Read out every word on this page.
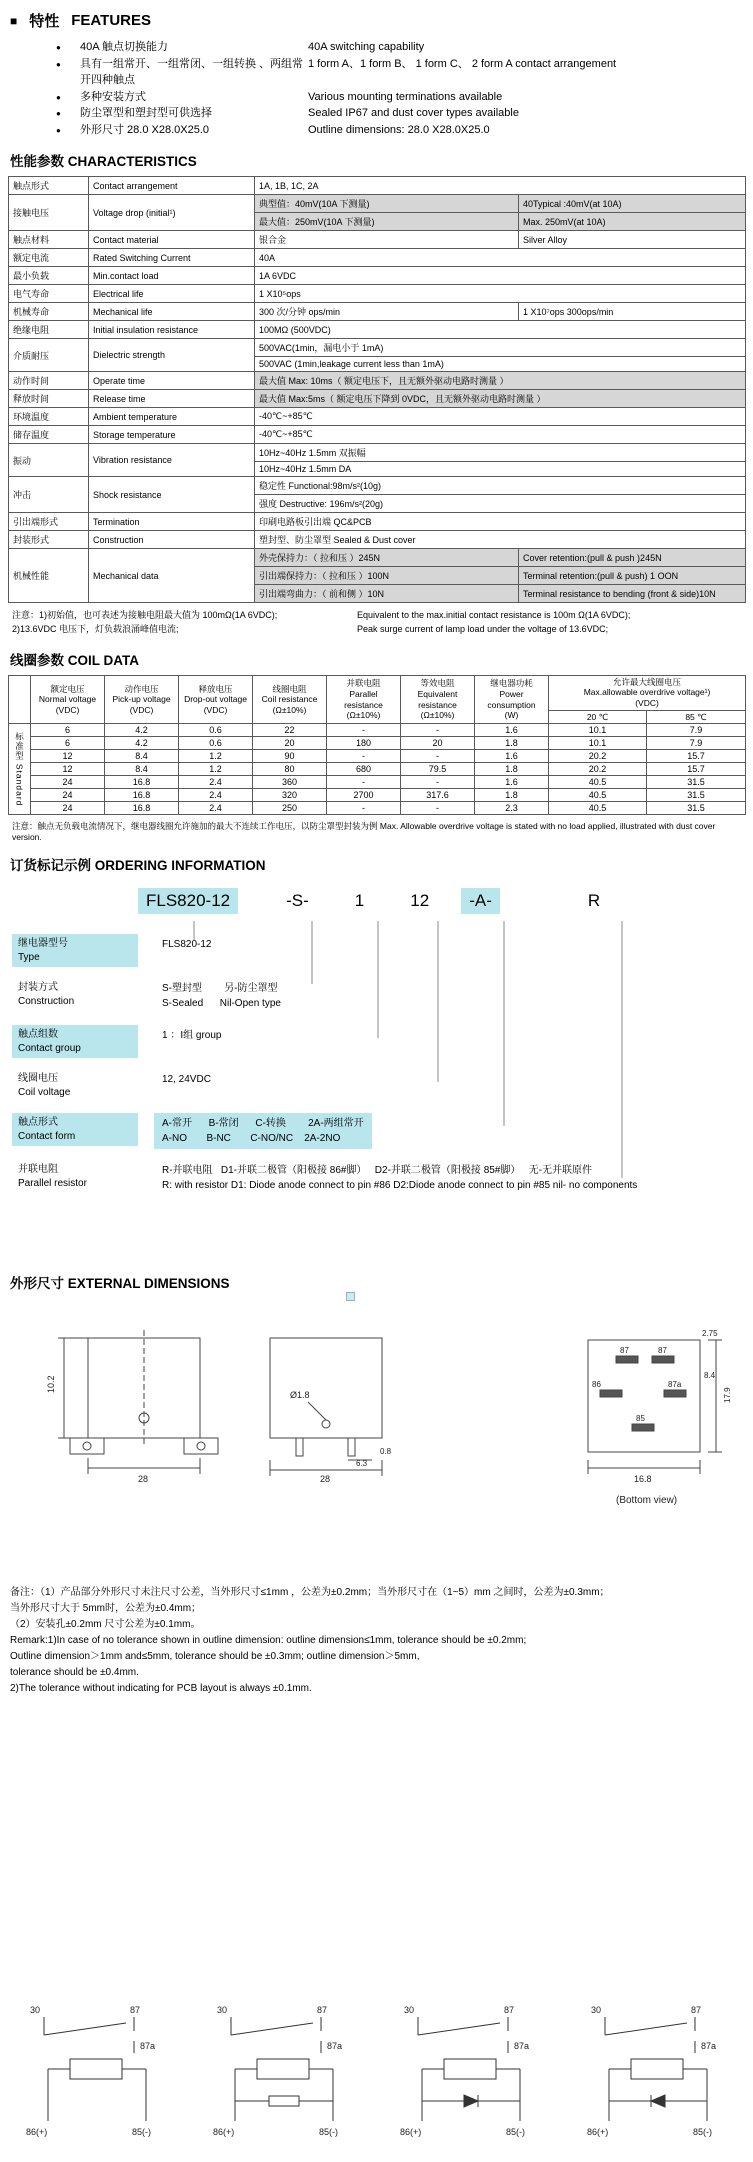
■ 特性 FEATURES
●	40A 触点切换能力	40A switching capability
●	具有一组常开、一组常闭、一组转换 、两组常开四种触点
1 form A、1 form B、 1 form C、 2 form A contact arrangement
●	多种安装方式	Various mounting terminations available
●	防尘罩型和塑封型可供选择	Sealed IP67 and dust cover types available
●	外形尺寸 28.0 X28.0X25.0	Outline dimensions: 28.0 X28.0X25.0
性能参数 CHARACTERISTICS
触点形式	Contact arrangement	1A, 1B, 1C, 2A	
接触电压	Voltage drop (initial¹)	典型值：40mV(10A 下测量)	40Typical :40mV(at 10A)
		最大值：250mV(10A 下测量)	Max. 250mV(at 10A)
触点材料	Contact material	银合金	Silver Alloy
额定电流	Rated Switching Current	40A	
最小负载	Min.contact load	1A 6VDC	
电气寿命	Electrical life	1 X10⁵ops	
机械寿命	Mechanical life	300 次/分钟 ops/min	1 X10⁷ops 300ops/min
绝缘电阻	Initial insulation resistance	100MΩ (500VDC)	
介质耐压	Dielectric strength	500VAC(1min，漏电小于 1mA)	
		500VAC (1min,leakage current less than 1mA)	
动作时间	Operate time	最大值 Max: 10ms（ 额定电压下，且无额外驱动电路时测量 ）	
释放时间	Release time	最大值 Max:5ms（ 额定电压下降到 0VDC，且无额外驱动电路时测量 ）	
环境温度	Ambient temperature	-40℃~+85℃	
储存温度	Storage temperature	-40℃~+85℃	
振动	Vibration resistance	10Hz~40Hz 1.5mm 双振幅	
		10Hz~40Hz 1.5mm DA	
冲击	Shock resistance	稳定性 Functional:98m/s²(10g)	
		强度 Destructive: 196m/s²(20g)	
引出端形式	Termination	印刷电路板引出端 QC&PCB	
封装形式	Construction	塑封型、防尘罩型 Sealed & Dust cover	
机械性能	Mechanical data	外壳保持力：（ 拉和压 ）245N	Cover retention:(pull & push )245N
		引出端保持力：（ 拉和压 ）100N	Terminal retention:(pull & push) 1 OON
		引出端弯曲力：（ 前和侧 ）10N	Terminal resistance to bending (front & side)10N
注意：1)初始值，也可表述为接触电阻最大值为 100mΩ(1A 6VDC);	Equivalent to the max.initial contact resistance is 100m Ω(1A 6VDC);
2)13.6VDC 电压下，灯负载浪涌峰值电流;	Peak surge current of lamp load under the voltage of 13.6VDC;
线圈参数 COIL DATA
	额定电压
Normal voltage
(VDC)	动作电压
Pick-up voltage
(VDC)	释放电压
Drop-out voltage
(VDC)	线圈电阻
Coil resistance
(Ω±10%)	并联电阻
Parallel resistance
(Ω±10%)	等效电阻
Equivalent resistance
(Ω±10%)	继电器功耗
Power consumption
(W)	允许最大线圈电压
Max.allowable overdrive voltage¹)
(VDC)	
								20 ℃	85 ℃
标准型 Standard	6	4.2	0.6	22	-	-	1.6	10.1	7.9
	6	4.2	0.6	20	180	20	1.8	10.1	7.9
	12	8.4	1.2	90	-	-	1.6	20.2	15.7
	12	8.4	1.2	80	680	79.5	1.8	20.2	15.7
	24	16.8	2.4	360	-	-	1.6	40.5	31.5
	24	16.8	2.4	320	2700	317.6	1.8	40.5	31.5
	24	16.8	2.4	250	-	-	2.3	40.5	31.5
注意：触点无负载电流情况下，继电器线圈允许施加的最大不连续工作电压，以防尘罩型封装为例 Max. Allowable overdrive voltage is stated with no load applied, illustrated with dust cover version.
订货标记示例 ORDERING INFORMATION
FLS820-12	-S-	1	12	-A-	R
继电器型号
Type
FLS820-12
封装方式
Construction
S-塑封型        另-防尘罩型
S-Sealed      Nil-Open type
触点组数
Contact group
1 ：I组 group
线圈电压
Coil voltage
12, 24VDC
触点形式
Contact form
A-常开      B-常闭      C-转换        2A-两组常开
A-NO       B-NC       C-NO/NC    2A-2NO
并联电阻
Parallel resistor
R-并联电阻   D1-并联二极管（阳极接 86#脚）   D2-并联二极管（阳极接 85#脚）   无-无并联原件
R: with resistor D1: Diode anode connect to pin #86 D2:Diode anode connect to pin #85 nil- no components
外形尺寸 EXTERNAL DIMENSIONS
28
10.2
Ø1.8
6.3
0.8
28
87	87
86	87a
85
2.75
8.4
17.9
16.8
(Bottom view)
备注：（1）产品部分外形尺寸未注尺寸公差，当外形尺寸≤1mm ，公差为±0.2mm；当外形尺寸在（1~5）mm 之间时，公差为±0.3mm；
当外形尺寸大于 5mm时，公差为±0.4mm；
（2）安装孔±0.2mm 尺寸公差为±0.1mm。
Remark:1)In case of no tolerance shown in outline dimension: outline dimension≤1mm, tolerance should be ±0.2mm;
Outline dimension＞1mm and≤5mm, tolerance should be ±0.3mm; outline dimension＞5mm,
tolerance should be ±0.4mm.
2)The tolerance without indicating for PCB layout is always ±0.1mm.
30	87
87a
86(+)	85(-)
30	87
87a
86(+)	85(-)
30	87
87a
86(+)	85(-)
30	87
87a
86(+)	85(-)
